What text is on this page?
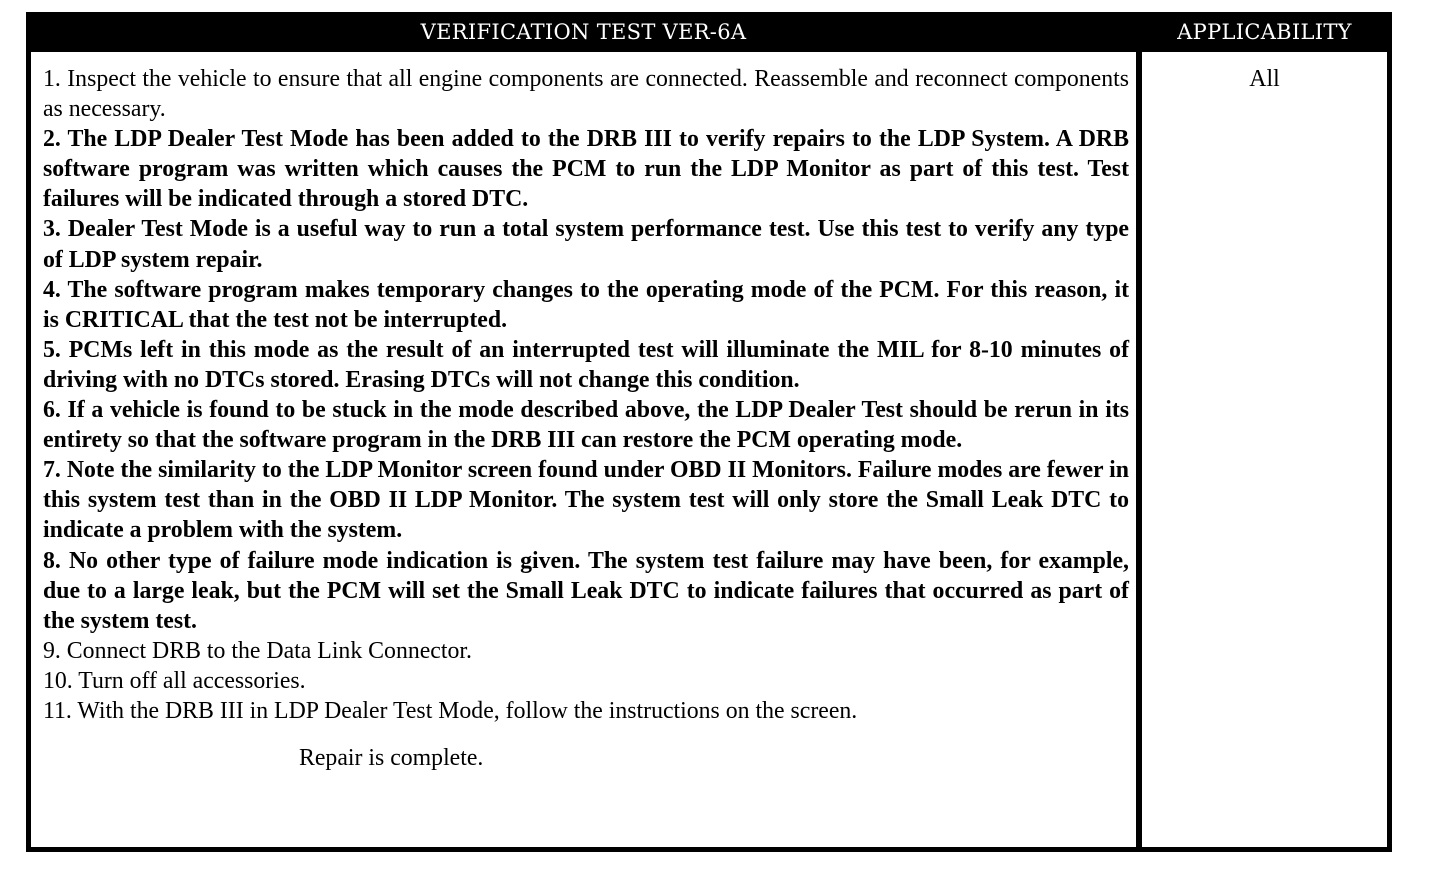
VERIFICATION TEST VER-6A	APPLICABILITY

1. Inspect the vehicle to ensure that all engine components are connected. Reassemble and reconnect components as necessary.

2. The LDP Dealer Test Mode has been added to the DRB III to verify repairs to the LDP System. A DRB software program was written which causes the PCM to run the LDP Monitor as part of this test. Test failures will be indicated through a stored DTC.

3. Dealer Test Mode is a useful way to run a total system performance test. Use this test to verify any type of LDP system repair.

4. The software program makes temporary changes to the operating mode of the PCM. For this reason, it is CRITICAL that the test not be interrupted.

5. PCMs left in this mode as the result of an interrupted test will illuminate the MIL for 8-10 minutes of driving with no DTCs stored. Erasing DTCs will not change this condition.

6. If a vehicle is found to be stuck in the mode described above, the LDP Dealer Test should be rerun in its entirety so that the software program in the DRB III can restore the PCM operating mode.

7. Note the similarity to the LDP Monitor screen found under OBD II Monitors. Failure modes are fewer in this system test than in the OBD II LDP Monitor. The system test will only store the Small Leak DTC to indicate a problem with the system.

8. No other type of failure mode indication is given. The system test failure may have been, for example, due to a large leak, but the PCM will set the Small Leak DTC to indicate failures that occurred as part of the system test.

9. Connect DRB to the Data Link Connector.

10. Turn off all accessories.

11. With the DRB III in LDP Dealer Test Mode, follow the instructions on the screen.

Repair is complete.

All
